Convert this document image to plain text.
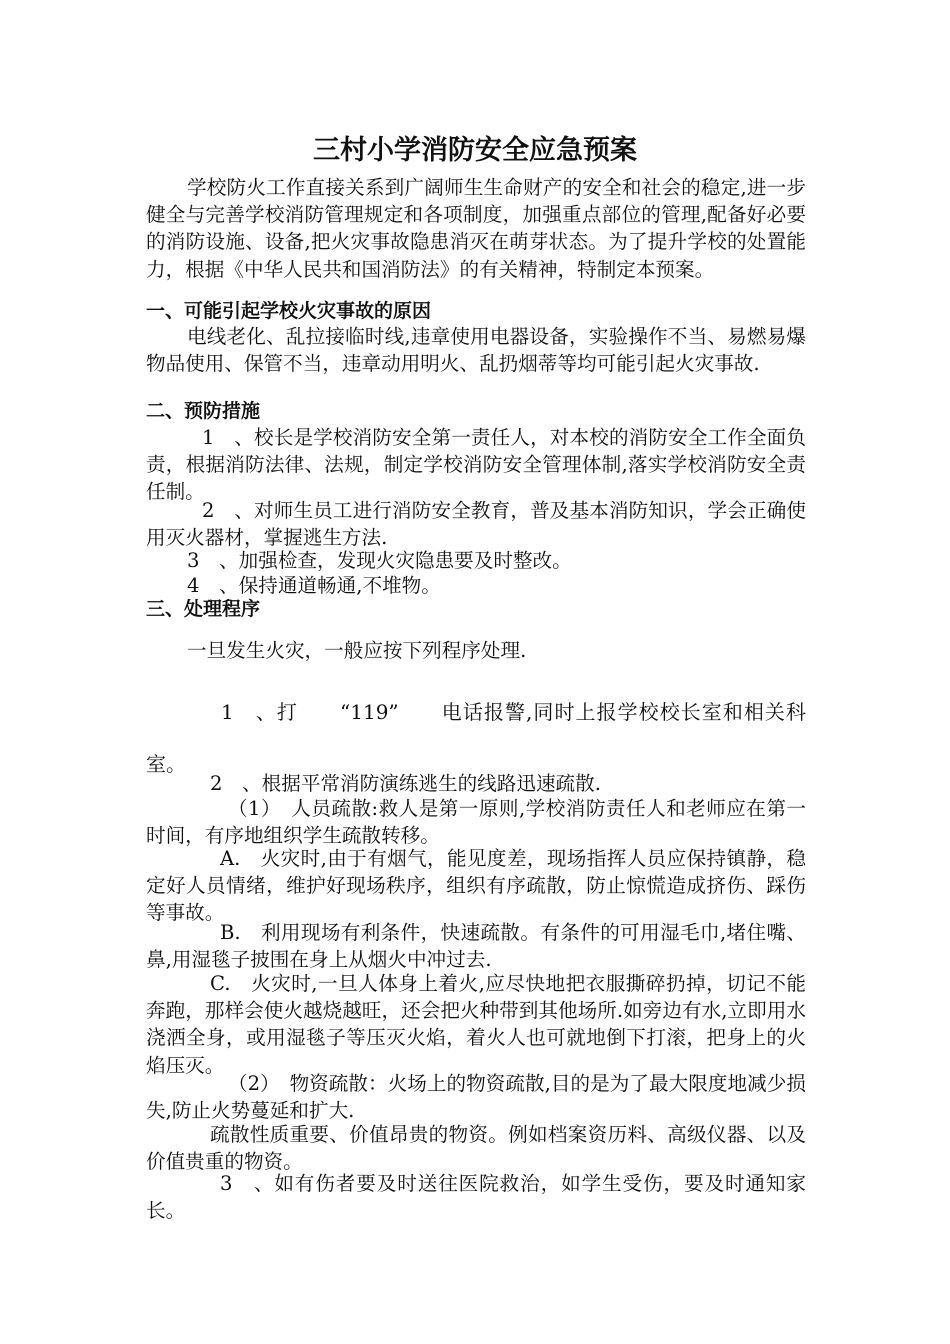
三村小学消防安全应急预案

学校防火工作直接关系到广阔师生生命财产的安全和社会的稳定,进一步健全与完善学校消防管理规定和各项制度，加强重点部位的管理,配备好必要的消防设施、设备,把火灾事故隐患消灭在萌芽状态。为了提升学校的处置能力，根据《中华人民共和国消防法》的有关精神，特制定本预案。

一、可能引起学校火灾事故的原因

电线老化、乱拉接临时线,违章使用电器设备，实验操作不当、易燃易爆物品使用、保管不当，违章动用明火、乱扔烟蒂等均可能引起火灾事故.

二、预防措施

1　、校长是学校消防安全第一责任人，对本校的消防安全工作全面负责，根据消防法律、法规，制定学校消防安全管理体制,落实学校消防安全责任制。

2　、对师生员工进行消防安全教育，普及基本消防知识，学会正确使用灭火器材，掌握逃生方法.

3　、加强检查，发现火灾隐患要及时整改。

4　、保持通道畅通,不堆物。

三、处理程序

一旦发生火灾，一般应按下列程序处理.

1　、打　　“119”　　电话报警,同时上报学校校长室和相关科室。

2　、根据平常消防演练逃生的线路迅速疏散.

（1）　人员疏散:救人是第一原则,学校消防责任人和老师应在第一时间，有序地组织学生疏散转移。

A.　火灾时,由于有烟气，能见度差，现场指挥人员应保持镇静，稳定好人员情绪，维护好现场秩序，组织有序疏散，防止惊慌造成挤伤、踩伤等事故。

B.　利用现场有利条件，快速疏散。有条件的可用湿毛巾,堵住嘴、鼻,用湿毯子披围在身上从烟火中冲过去.

C.　火灾时,一旦人体身上着火,应尽快地把衣服撕碎扔掉，切记不能奔跑，那样会使火越烧越旺，还会把火种带到其他场所.如旁边有水,立即用水浇洒全身，或用湿毯子等压灭火焰，着火人也可就地倒下打滚，把身上的火焰压灭。

（2）　物资疏散：火场上的物资疏散,目的是为了最大限度地减少损失,防止火势蔓延和扩大.

疏散性质重要、价值昂贵的物资。例如档案资历料、高级仪器、以及价值贵重的物资。

3　、如有伤者要及时送往医院救治，如学生受伤，要及时通知家长。
